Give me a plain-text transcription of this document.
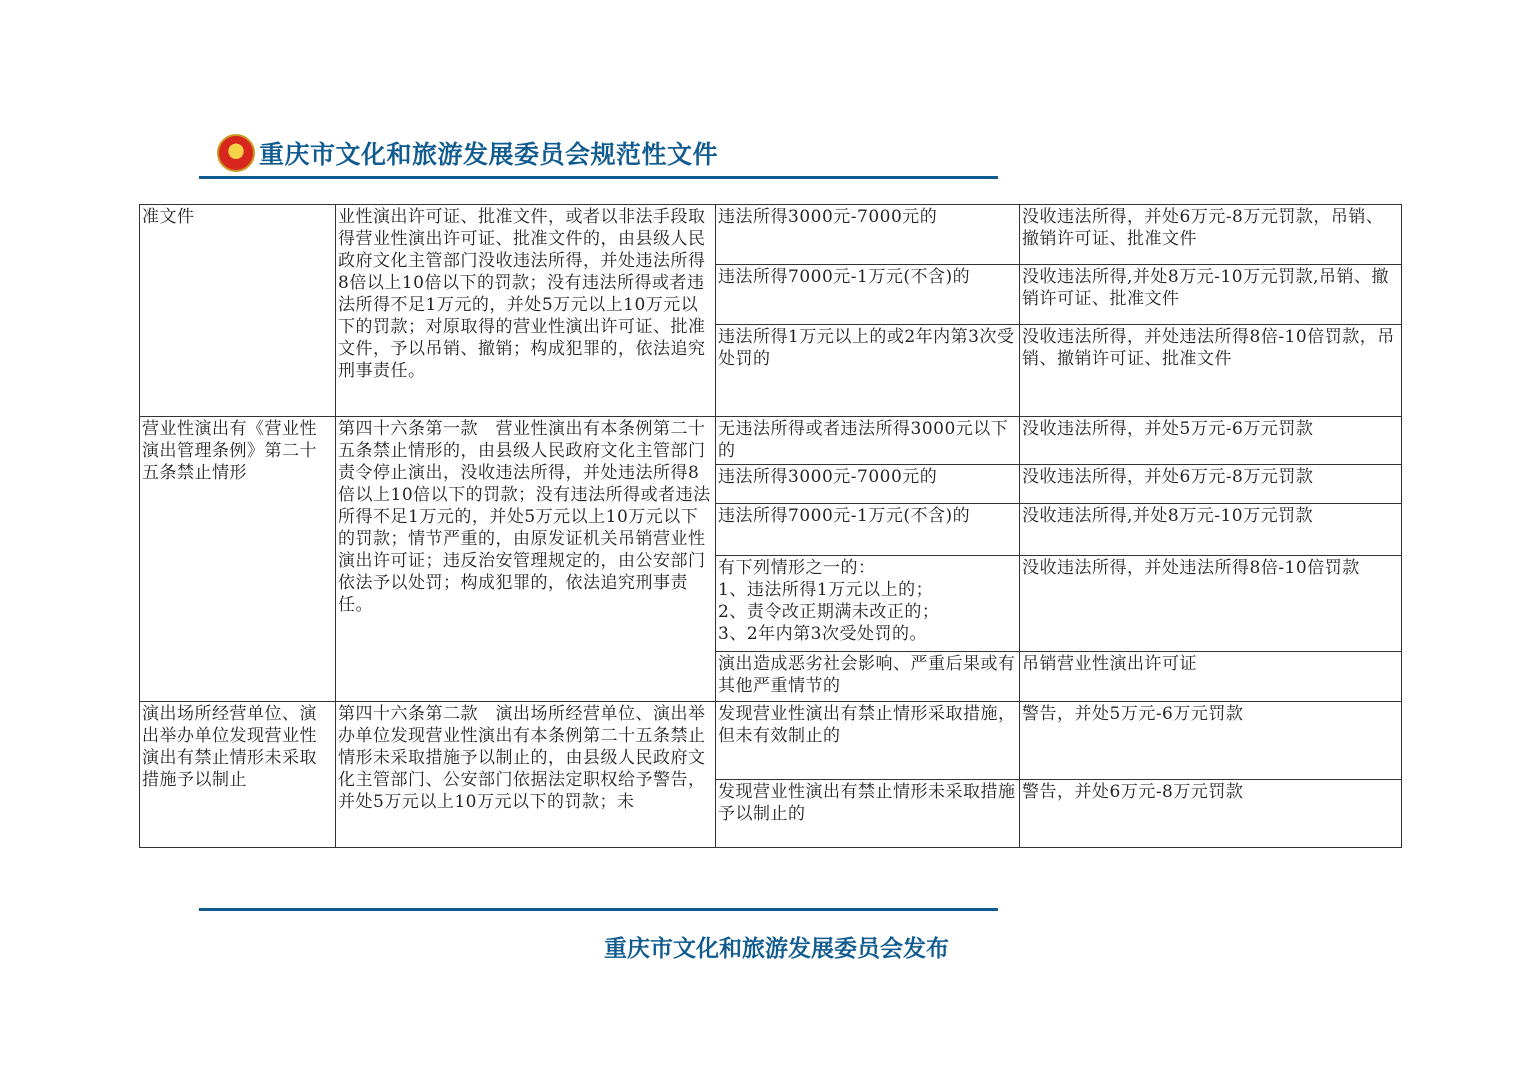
★ 重庆市文化和旅游发展委员会规范性文件
准文件	业性演出许可证、批准文件，或者以非法手段取得营业性演出许可证、批准文件的，由县级人民政府文化主管部门没收违法所得，并处违法所得8倍以上10倍以下的罚款；没有违法所得或者违法所得不足1万元的，并处5万元以上10万元以下的罚款；对原取得的营业性演出许可证、批准文件，予以吊销、撤销；构成犯罪的，依法追究刑事责任。	违法所得3000元-7000元的	没收违法所得，并处6万元-8万元罚款，吊销、撤销许可证、批准文件
		违法所得7000元-1万元(不含)的	没收违法所得,并处8万元-10万元罚款,吊销、撤销许可证、批准文件
		违法所得1万元以上的或2年内第3次受处罚的	没收违法所得，并处违法所得8倍-10倍罚款，吊销、撤销许可证、批准文件
营业性演出有《营业性演出管理条例》第二十五条禁止情形	第四十六条第一款　营业性演出有本条例第二十五条禁止情形的，由县级人民政府文化主管部门责令停止演出，没收违法所得，并处违法所得8倍以上10倍以下的罚款；没有违法所得或者违法所得不足1万元的，并处5万元以上10万元以下的罚款；情节严重的，由原发证机关吊销营业性演出许可证；违反治安管理规定的，由公安部门依法予以处罚；构成犯罪的，依法追究刑事责任。	无违法所得或者违法所得3000元以下的	没收违法所得，并处5万元-6万元罚款
		违法所得3000元-7000元的	没收违法所得，并处6万元-8万元罚款
		违法所得7000元-1万元(不含)的	没收违法所得,并处8万元-10万元罚款
		有下列情形之一的：
1、违法所得1万元以上的；
2、责令改正期满未改正的；
3、2年内第3次受处罚的。	没收违法所得，并处违法所得8倍-10倍罚款
		演出造成恶劣社会影响、严重后果或有其他严重情节的	吊销营业性演出许可证
演出场所经营单位、演出举办单位发现营业性演出有禁止情形未采取措施予以制止	第四十六条第二款　演出场所经营单位、演出举办单位发现营业性演出有本条例第二十五条禁止情形未采取措施予以制止的，由县级人民政府文化主管部门、公安部门依据法定职权给予警告，并处5万元以上10万元以下的罚款；未	发现营业性演出有禁止情形采取措施，但未有效制止的	警告，并处5万元-6万元罚款
		发现营业性演出有禁止情形未采取措施予以制止的	警告，并处6万元-8万元罚款
重庆市文化和旅游发展委员会发布
